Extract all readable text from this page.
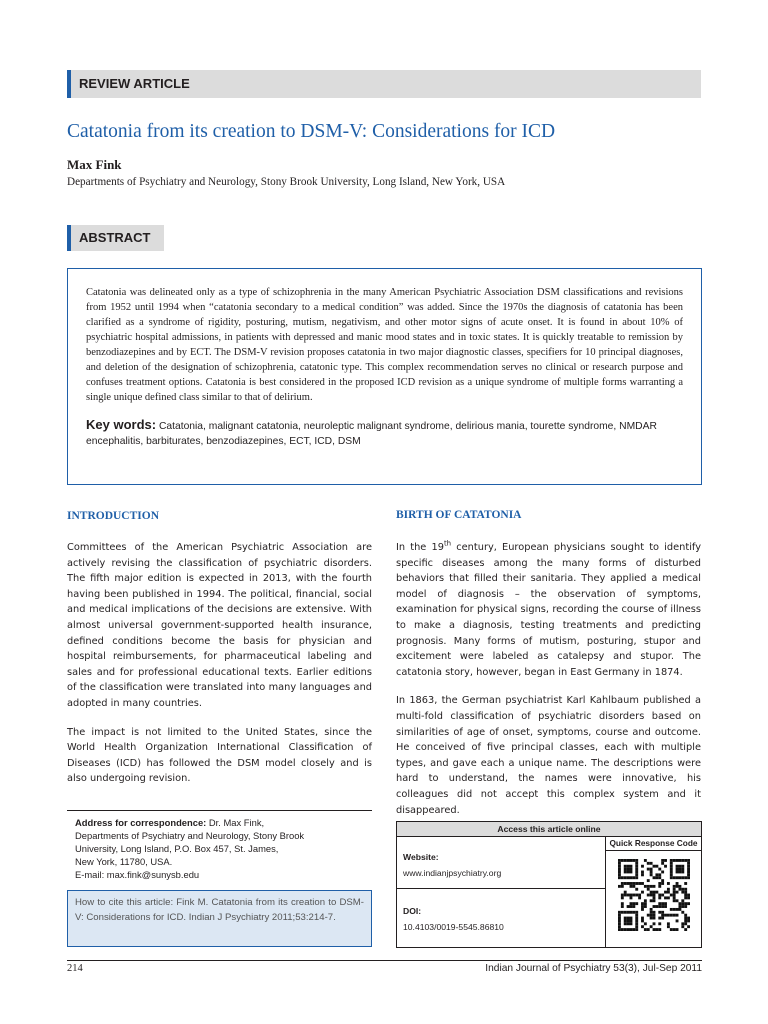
REVIEW ARTICLE
Catatonia from its creation to DSM-V: Considerations for ICD
Max Fink
Departments of Psychiatry and Neurology, Stony Brook University, Long Island, New York, USA
ABSTRACT

Catatonia was delineated only as a type of schizophrenia in the many American Psychiatric Association DSM classifications and revisions from 1952 until 1994 when “catatonia secondary to a medical condition” was added. Since the 1970s the diagnosis of catatonia has been clarified as a syndrome of rigidity, posturing, mutism, negativism, and other motor signs of acute onset. It is found in about 10% of psychiatric hospital admissions, in patients with depressed and manic mood states and in toxic states. It is quickly treatable to remission by benzodiazepines and by ECT. The DSM-V revision proposes catatonia in two major diagnostic classes, specifiers for 10 principal diagnoses, and deletion of the designation of schizophrenia, catatonic type. This complex recommendation serves no clinical or research purpose and confuses treatment options. Catatonia is best considered in the proposed ICD revision as a unique syndrome of multiple forms warranting a single unique defined class similar to that of delirium.

Key words: Catatonia, malignant catatonia, neuroleptic malignant syndrome, delirious mania, tourette syndrome, NMDAR encephalitis, barbiturates, benzodiazepines, ECT, ICD, DSM
INTRODUCTION

Committees of the American Psychiatric Association are actively revising the classification of psychiatric disorders. The fifth major edition is expected in 2013, with the fourth having been published in 1994. The political, financial, social and medical implications of the decisions are extensive. With almost universal government-supported health insurance, defined conditions become the basis for physician and hospital reimbursements, for pharmaceutical labeling and sales and for professional educational texts. Earlier editions of the classification were translated into many languages and adopted in many countries.

The impact is not limited to the United States, since the World Health Organization International Classification of Diseases (ICD) has followed the DSM model closely and is also undergoing revision.

BIRTH OF CATATONIA

In the 19th century, European physicians sought to identify specific diseases among the many forms of disturbed behaviors that filled their sanitaria. They applied a medical model of diagnosis – the observation of symptoms, examination for physical signs, recording the course of illness to make a diagnosis, testing treatments and predicting prognosis. Many forms of mutism, posturing, stupor and excitement were labeled as catalepsy and stupor. The catatonia story, however, began in East Germany in 1874.

In 1863, the German psychiatrist Karl Kahlbaum published a multi-fold classification of psychiatric disorders based on similarities of age of onset, symptoms, course and outcome. He conceived of five principal classes, each with multiple types, and gave each a unique name. The descriptions were hard to understand, the names were innovative, his colleagues did not accept this complex system and it disappeared.

Address for correspondence: Dr. Max Fink,
Departments of Psychiatry and Neurology, Stony Brook
University, Long Island, P.O. Box 457, St. James,
New York, 11780, USA.
E-mail: max.fink@sunysb.edu
How to cite this article: Fink M. Catatonia from its creation to DSM-V: Considerations for ICD. Indian J Psychiatry 2011;53:214-7.
Access this article online
Website:
www.indianjpsychiatry.org
DOI:
10.4103/0019-5545.86810
Quick Response Code
214	Indian Journal of Psychiatry 53(3), Jul-Sep 2011
